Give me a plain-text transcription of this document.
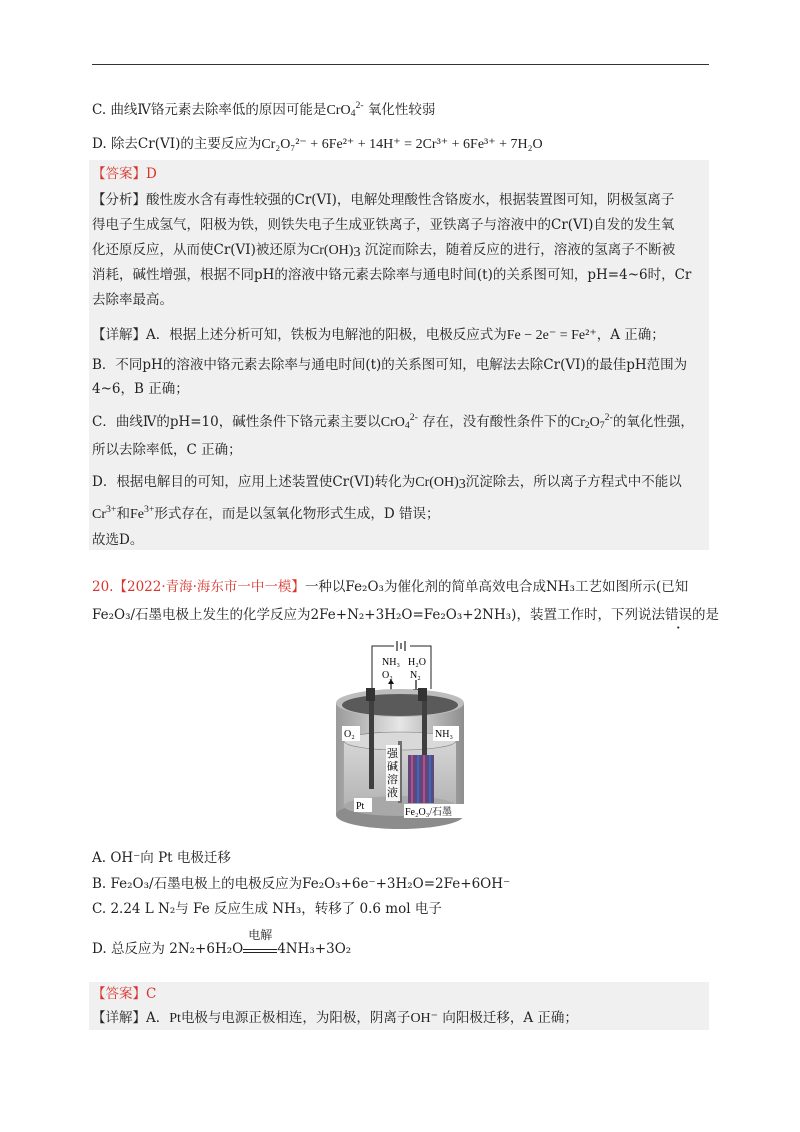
C. 曲线Ⅳ铬元素去除率低的原因可能是CrO$_4^{2-}$ 氧化性较弱
D. 除去Cr(VI)的主要反应为Cr₂O₇²⁻ + 6Fe²⁺ + 14H⁺ = 2Cr³⁺ + 6Fe³⁺ + 7H₂O
【答案】D
【分析】酸性废水含有毒性较强的Cr(VI)，电解处理酸性含铬废水，根据装置图可知，阴极氢离子
得电子生成氢气，阳极为铁，则铁失电子生成亚铁离子，亚铁离子与溶液中的Cr(VI)自发的发生氧
化还原反应，从而使Cr(VI)被还原为$Cr(OH)_3$ 沉淀而除去，随着反应的进行，溶液的氢离子不断被
消耗，碱性增强，根据不同pH的溶液中铬元素去除率与通电时间(t)的关系图可知，pH=4~6时，Cr
去除率最高。
【详解】A．根据上述分析可知，铁板为电解池的阳极，电极反应式为Fe − 2e⁻ = Fe²⁺，A 正确；
B．不同pH的溶液中铬元素去除率与通电时间(t)的关系图可知，电解法去除Cr(VI)的最佳pH范围为
4~6，B 正确；
C．曲线Ⅳ的pH=10，碱性条件下铬元素主要以CrO$_4^{2-}$ 存在，没有酸性条件下的$Cr_2O_7^{2-}$的氧化性强，
所以去除率低，C 正确；
D．根据电解目的可知，应用上述装置使Cr(VI)转化为$Cr(OH)_3$沉淀除去，所以离子方程式中不能以
$Cr^{3+}$和$Fe^{3+}$形式存在，而是以氢氧化物形式生成，D 错误；
故选D。
20.【2022·青海·海东市一中一模】一种以Fe₂O₃为催化剂的简单高效电合成NH₃工艺如图所示(已知
Fe₂O₃/石墨电极上发生的化学反应为2Fe+N₂+3H₂O=Fe₂O₃+2NH₃)，装置工作时，下列说法错误的是
NH₃
O₂
H₂O
N₂
O₂	NH₃
强
碱
溶
液
Pt
Fe₂O₃/石墨
A. OH⁻向 Pt 电极迁移
B. Fe₂O₃/石墨电极上的电极反应为Fe₂O₃+6e⁻+3H₂O=2Fe+6OH⁻
C. 2.24 L N₂与 Fe 反应生成 NH₃，转移了 0.6 mol 电子
D. 总反应为 2N₂+6H₂O
电解
4NH₃+3O₂
【答案】C
【详解】A．Pt电极与电源正极相连，为阳极，阴离子OH⁻ 向阳极迁移，A 正确；
